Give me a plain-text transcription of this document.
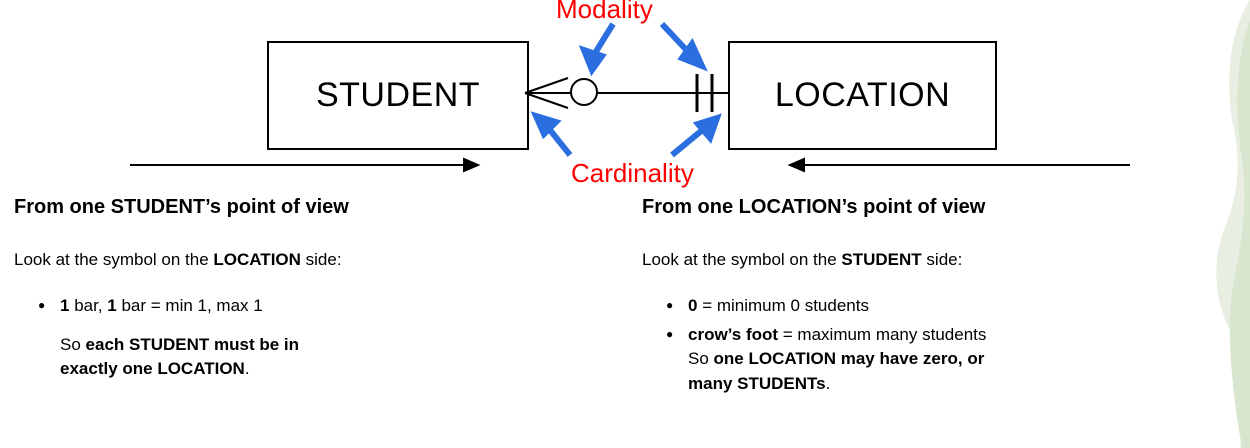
STUDENT	LOCATION
Modality
Cardinality
From one STUDENT’s point of view

Look at the symbol on the LOCATION side:

● 1 bar, 1 bar = min 1, max 1

So each STUDENT must be in
exactly one LOCATION.

From one LOCATION’s point of view

Look at the symbol on the STUDENT side:

● 0 = minimum 0 students
● crow’s foot = maximum many students
So one LOCATION may have zero, or
many STUDENTs.
